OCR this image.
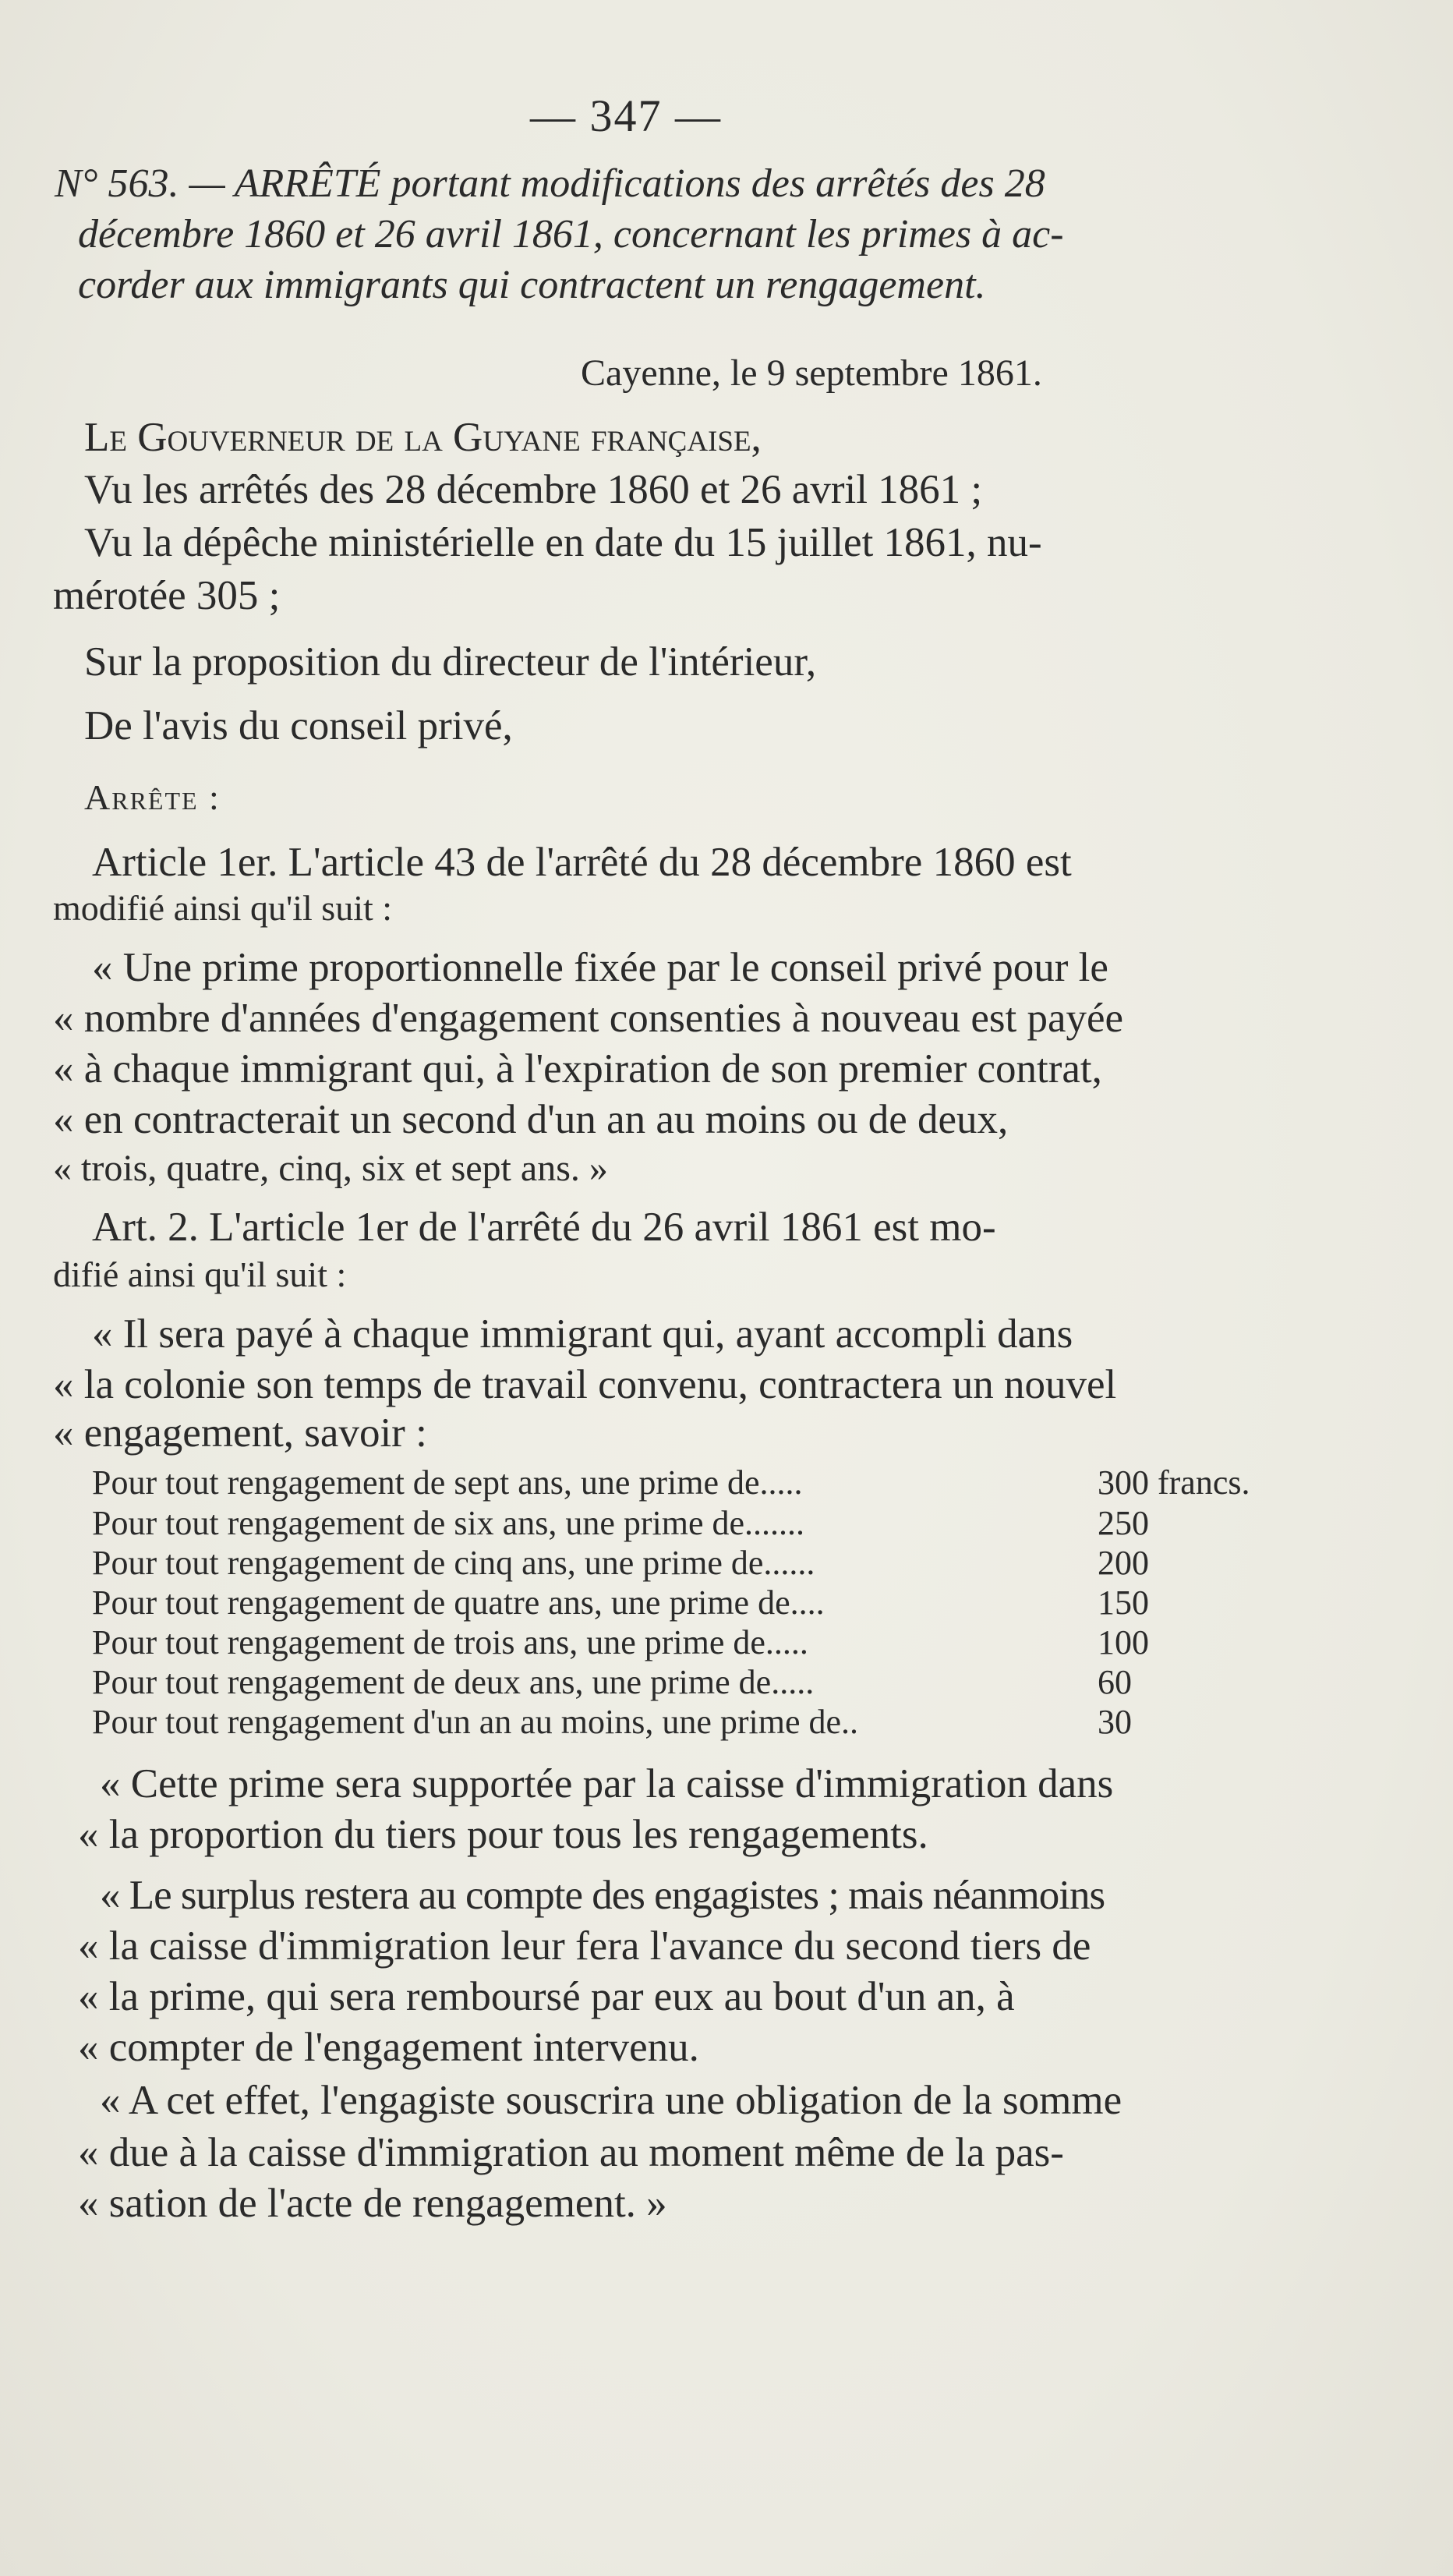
— 347 —
N° 563. — ARRÊTÉ portant modifications des arrêtés des 28
décembre 1860 et 26 avril 1861, concernant les primes à ac-
corder aux immigrants qui contractent un rengagement.
Cayenne, le 9 septembre 1861.
Le Gouverneur de la Guyane française,
Vu les arrêtés des 28 décembre 1860 et 26 avril 1861 ;
Vu la dépêche ministérielle en date du 15 juillet 1861, nu-
mérotée 305 ;
Sur la proposition du directeur de l'intérieur,
De l'avis du conseil privé,
Arrête :
Article 1er. L'article 43 de l'arrêté du 28 décembre 1860 est
modifié ainsi qu'il suit :
« Une prime proportionnelle fixée par le conseil privé pour le
« nombre d'années d'engagement consenties à nouveau est payée
« à chaque immigrant qui, à l'expiration de son premier contrat,
« en contracterait un second d'un an au moins ou de deux,
« trois, quatre, cinq, six et sept ans. »
Art. 2. L'article 1er de l'arrêté du 26 avril 1861 est mo-
difié ainsi qu'il suit :
« Il sera payé à chaque immigrant qui, ayant accompli dans
« la colonie son temps de travail convenu, contractera un nouvel
« engagement, savoir :
Pour tout rengagement de sept ans, une prime de.....	300 francs.
Pour tout rengagement de six ans, une prime de.......	250
Pour tout rengagement de cinq ans, une prime de......	200
Pour tout rengagement de quatre ans, une prime de....	150
Pour tout rengagement de trois ans, une prime de.....	100
Pour tout rengagement de deux ans, une prime de.....	60
Pour tout rengagement d'un an au moins, une prime de..	30
« Cette prime sera supportée par la caisse d'immigration dans
« la proportion du tiers pour tous les rengagements.
« Le surplus restera au compte des engagistes ; mais néanmoins
« la caisse d'immigration leur fera l'avance du second tiers de
« la prime, qui sera remboursé par eux au bout d'un an, à
« compter de l'engagement intervenu.
« A cet effet, l'engagiste souscrira une obligation de la somme
« due à la caisse d'immigration au moment même de la pas-
« sation de l'acte de rengagement. »
